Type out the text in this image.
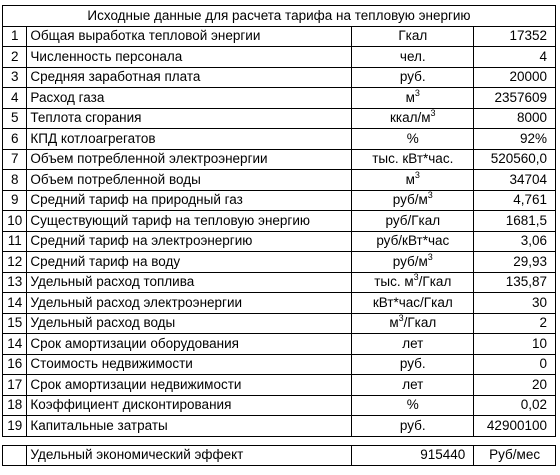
Исходные данные для расчета тарифа на тепловую энергию			
1	Общая выработка тепловой энергии	Гкал	17352
2	Численность персонала	чел.	4
3	Средняя заработная плата	руб.	20000
4	Расход газа	$м^3$	2357609
5	Теплота сгорания	ккал/$м^3$	8000
6	КПД котлоагрегатов	%	92%
7	Объем потребленной электроэнергии	тыс. кВт*час.	520560,0
8	Объем потребленной воды	$м^3$	34704
9	Средний тариф на природный газ	руб/$м^3$	4,761
10	Существующий тариф на тепловую энергию	руб/Гкал	1681,5
11	Средний тариф на электроэнергию	руб/кВт*час	3,06
12	Средний тариф на воду	руб/$м^3$	29,93
13	Удельный расход топлива	тыс. $м^3$/Гкал	135,87
14	Удельный расход электроэнергии	кВт*час/Гкал	30
15	Удельный расход воды	$м^3$/Гкал	2
14	Срок амортизации оборудования	лет	10
16	Стоимость недвижимости	руб.	0
17	Срок амортизации недвижимости	лет	20
18	Коэффициент дисконтирования	%	0,02
19	Капитальные затраты	руб.	42900100

	Удельный экономический эффект	915440	Руб/мес
